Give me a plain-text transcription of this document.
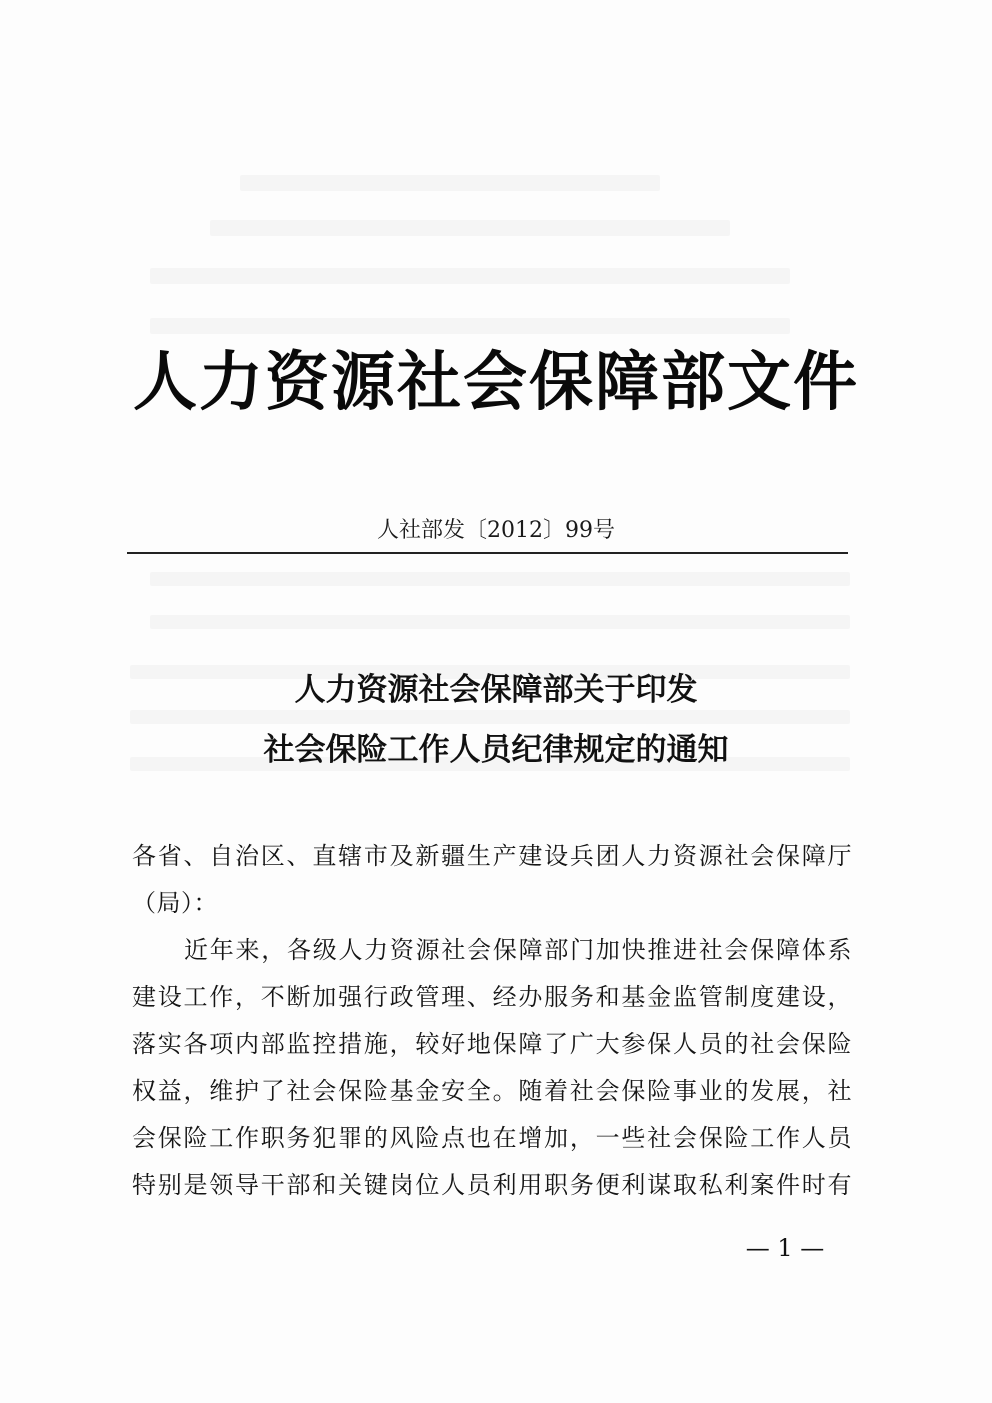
人力资源社会保障部文件
人社部发〔2012〕99号
人力资源社会保障部关于印发
社会保险工作人员纪律规定的通知
各省、自治区、直辖市及新疆生产建设兵团人力资源社会保障厅
（局）：
近年来，各级人力资源社会保障部门加快推进社会保障体系
建设工作，不断加强行政管理、经办服务和基金监管制度建设，
落实各项内部监控措施，较好地保障了广大参保人员的社会保险
权益，维护了社会保险基金安全。随着社会保险事业的发展，社
会保险工作职务犯罪的风险点也在增加，一些社会保险工作人员
特别是领导干部和关键岗位人员利用职务便利谋取私利案件时有
— 1 —
